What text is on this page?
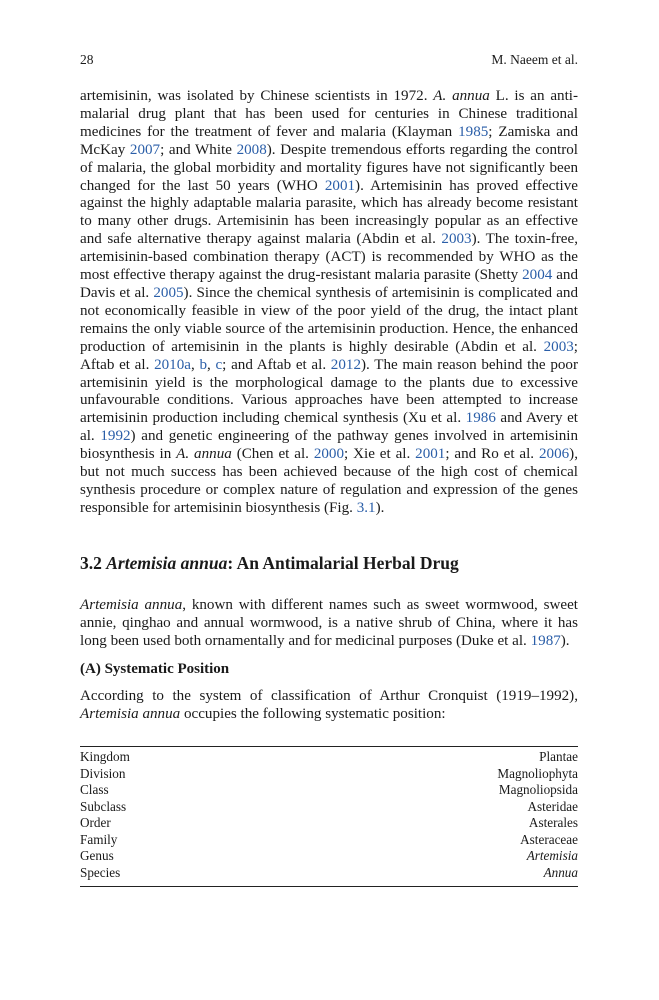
28	M. Naeem et al.

artemisinin, was isolated by Chinese scientists in 1972. A. annua L. is an anti-malarial drug plant that has been used for centuries in Chinese traditional medicines for the treatment of fever and malaria (Klayman 1985; Zamiska and McKay 2007; and White 2008). Despite tremendous efforts regarding the control of malaria, the global morbidity and mortality figures have not significantly been changed for the last 50 years (WHO 2001). Artemisinin has proved effective against the highly adaptable malaria parasite, which has already become resistant to many other drugs. Artemisinin has been increasingly popular as an effective and safe alternative therapy against malaria (Abdin et al. 2003). The toxin-free, artemisinin-based combination therapy (ACT) is recommended by WHO as the most effective therapy against the drug-resistant malaria parasite (Shetty 2004 and Davis et al. 2005). Since the chemical synthesis of artemisinin is complicated and not economically feasible in view of the poor yield of the drug, the intact plant remains the only viable source of the artemisinin production. Hence, the enhanced production of artemisinin in the plants is highly desirable (Abdin et al. 2003; Aftab et al. 2010a, b, c; and Aftab et al. 2012). The main reason behind the poor artemisinin yield is the morphological damage to the plants due to excessive unfavourable conditions. Various approaches have been attempted to increase artemisinin production including chemical synthesis (Xu et al. 1986 and Avery et al. 1992) and genetic engineering of the pathway genes involved in artemisinin biosynthesis in A. annua (Chen et al. 2000; Xie et al. 2001; and Ro et al. 2006), but not much success has been achieved because of the high cost of chemical synthesis procedure or complex nature of regulation and expression of the genes responsible for artemisinin biosynthesis (Fig. 3.1).

3.2 Artemisia annua: An Antimalarial Herbal Drug

Artemisia annua, known with different names such as sweet wormwood, sweet annie, qinghao and annual wormwood, is a native shrub of China, where it has long been used both ornamentally and for medicinal purposes (Duke et al. 1987).

(A) Systematic Position

According to the system of classification of Arthur Cronquist (1919–1992), Artemisia annua occupies the following systematic position:

Kingdom	Plantae
Division	Magnoliophyta
Class	Magnoliopsida
Subclass	Asteridae
Order	Asterales
Family	Asteraceae
Genus	Artemisia
Species	Annua
